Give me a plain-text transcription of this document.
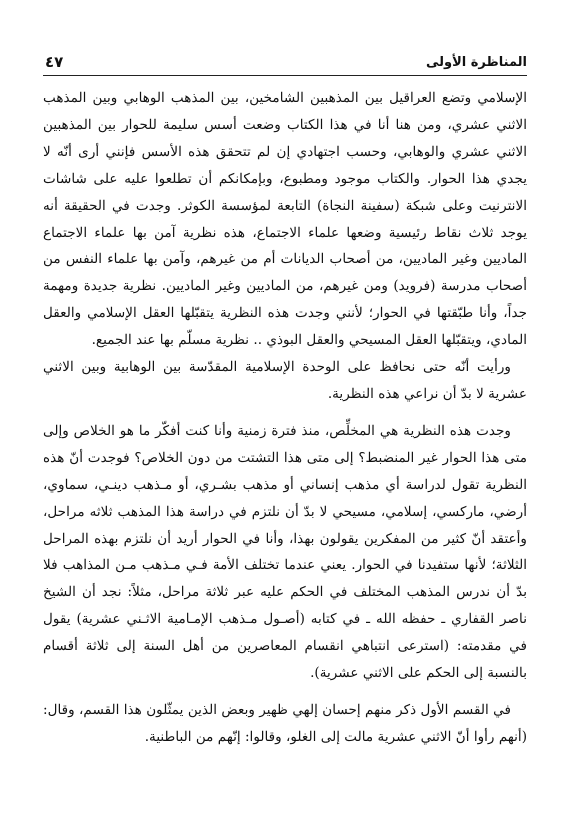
المناظرة الأولى
٤٧

الإسلامي وتضع العراقيل بين المذهبين الشامخين، بين المذهب الوهابي وبين المذهب الاثني عشري، ومن هنا أنا في هذا الكتاب وضعت أسس سليمة للحوار بين المذهبين الاثني عشري والوهابي، وحسب اجتهادي إن لم تتحقق هذه الأسس فإنني أرى أنّه لا يجدي هذا الحوار. والكتاب موجود ومطبوع، وبإمكانكم أن تطلعوا عليه على شاشات الانترنيت وعلى شبكة (سفينة النجاة) التابعة لمؤسسة الكوثر. وجدت في الحقيقة أنه يوجد ثلاث نقاط رئيسية وضعها علماء الاجتماع، هذه نظرية آمن بها علماء الاجتماع الماديين وغير الماديين، من أصحاب الديانات أم من غيرهم، وآمن بها علماء النفس من أصحاب مدرسة (فرويد) ومن غيرهم، من الماديين وغير الماديين. نظرية جديدة ومهمة جداً، وأنا طبّقتها في الحوار؛ لأنني وجدت هذه النظرية يتقبّلها العقل الإسلامي والعقل المادي، ويتقبّلها العقل المسيحي والعقل البوذي .. نظرية مسلّم بها عند الجميع.

ورأيت أنّه حتى نحافظ على الوحدة الإسلامية المقدّسة بين الوهابية وبين الاثني عشرية لا بدّ أن نراعي هذه النظرية.

وجدت هذه النظرية هي المخلِّص، منذ فترة زمنية وأنا كنت أفكّر ما هو الخلاص وإلى متى هذا الحوار غير المنضبط؟ إلى متى هذا التشتت من دون الخلاص؟ فوجدت أنّ هذه النظرية تقول لدراسة أي مذهب إنساني أو مذهب بشـري، أو مـذهب دينـي، سماوي، أرضي، ماركسي، إسلامي، مسيحي لا بدّ أن نلتزم في دراسة هذا المذهب ثلاثه مراحل، وأعتقد أنّ كثير من المفكرين يقولون بهذا، وأنا في الحوار أريد أن نلتزم بهذه المراحل الثلاثة؛ لأنها ستفيدنا في الحوار. يعني عندما تختلف الأمة فـي مـذهب مـن المذاهب فلا بدّ أن ندرس المذهب المختلف في الحكم عليه عبر ثلاثة مراحل، مثلاً: نجد أن الشيخ ناصر القفاري ـ حفظه الله ـ في كتابه (أصـول مـذهب الإمـامية الاثـني عشرية) يقول في مقدمته: (استرعى انتباهي انقسام المعاصرين من أهل السنة إلى ثلاثة أقسام بالنسبة إلى الحكم على الاثني عشرية).

في القسم الأول ذكر منهم إحسان إلهي ظهير وبعض الذين يمثّلون هذا القسم، وقال: (أنهم رأوا أنّ الاثني عشرية مالت إلى الغلو، وقالوا: إنّهم من الباطنية.
